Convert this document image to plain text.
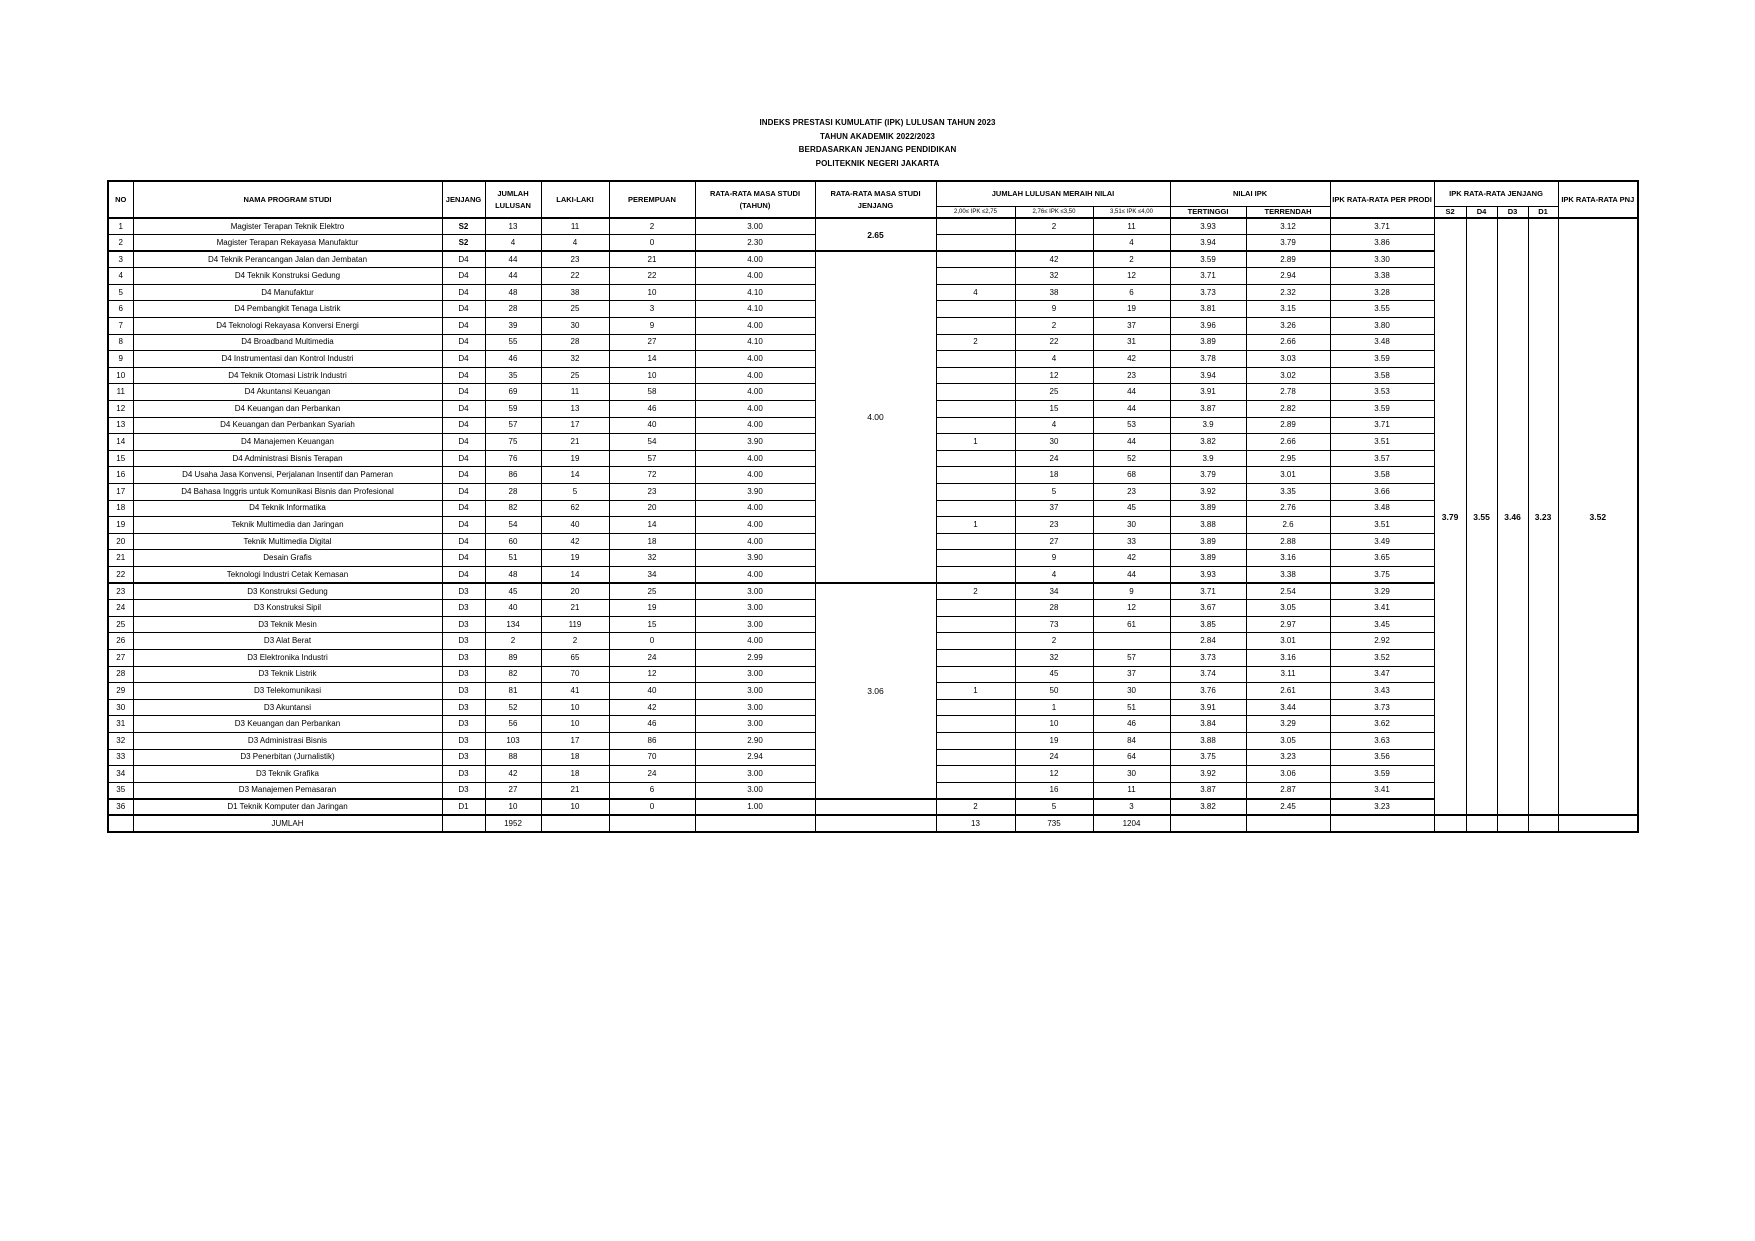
INDEKS PRESTASI KUMULATIF (IPK) LULUSAN TAHUN 2023
TAHUN AKADEMIK 2022/2023
BERDASARKAN JENJANG PENDIDIKAN
POLITEKNIK NEGERI JAKARTA
NO	NAMA PROGRAM STUDI	JENJANG	JUMLAH LULUSAN	LAKI-LAKI	PEREMPUAN	RATA-RATA MASA STUDI (TAHUN)	RATA-RATA MASA STUDI JENJANG	JUMLAH LULUSAN MERAIH NILAI			NILAI IPK		IPK RATA-RATA PER PRODI	IPK RATA-RATA JENJANG				IPK RATA-RATA PNJ
								2,00≤ IPK ≤2,75	2,76≤ IPK ≤3,50	3,51≤ IPK ≤4,00	TERTINGGI	TERRENDAH		S2	D4	D3	D1	
1	Magister Terapan Teknik Elektro	S2	13	11	2	3.00	2.65		2	11	3.93	3.12	3.71	3.79	3.55	3.46	3.23	3.52
2	Magister Terapan Rekayasa Manufaktur	S2	4	4	0	2.30				4	3.94	3.79	3.86					
3	D4 Teknik Perancangan Jalan dan Jembatan	D4	44	23	21	4.00	4.00		42	2	3.59	2.89	3.30					
4	D4 Teknik Konstruksi Gedung	D4	44	22	22	4.00			32	12	3.71	2.94	3.38					
5	D4 Manufaktur	D4	48	38	10	4.10		4	38	6	3.73	2.32	3.28					
6	D4 Pembangkit Tenaga Listrik	D4	28	25	3	4.10			9	19	3.81	3.15	3.55					
7	D4 Teknologi Rekayasa Konversi Energi	D4	39	30	9	4.00			2	37	3.96	3.26	3.80					
8	D4 Broadband Multimedia	D4	55	28	27	4.10		2	22	31	3.89	2.66	3.48					
9	D4 Instrumentasi dan Kontrol Industri	D4	46	32	14	4.00			4	42	3.78	3.03	3.59					
10	D4 Teknik Otomasi Listrik Industri	D4	35	25	10	4.00			12	23	3.94	3.02	3.58					
11	D4 Akuntansi Keuangan	D4	69	11	58	4.00			25	44	3.91	2.78	3.53					
12	D4 Keuangan dan Perbankan	D4	59	13	46	4.00			15	44	3.87	2.82	3.59					
13	D4 Keuangan dan Perbankan Syariah	D4	57	17	40	4.00			4	53	3.9	2.89	3.71					
14	D4 Manajemen Keuangan	D4	75	21	54	3.90		1	30	44	3.82	2.66	3.51					
15	D4 Administrasi Bisnis Terapan	D4	76	19	57	4.00			24	52	3.9	2.95	3.57					
16	D4 Usaha Jasa Konvensi, Perjalanan Insentif dan Pameran	D4	86	14	72	4.00			18	68	3.79	3.01	3.58					
17	D4 Bahasa Inggris untuk Komunikasi Bisnis dan Profesional	D4	28	5	23	3.90			5	23	3.92	3.35	3.66					
18	D4 Teknik Informatika	D4	82	62	20	4.00			37	45	3.89	2.76	3.48					
19	Teknik Multimedia dan Jaringan	D4	54	40	14	4.00		1	23	30	3.88	2.6	3.51					
20	Teknik Multimedia Digital	D4	60	42	18	4.00			27	33	3.89	2.88	3.49					
21	Desain Grafis	D4	51	19	32	3.90			9	42	3.89	3.16	3.65					
22	Teknologi Industri Cetak Kemasan	D4	48	14	34	4.00			4	44	3.93	3.38	3.75					
23	D3 Konstruksi Gedung	D3	45	20	25	3.00	3.06	2	34	9	3.71	2.54	3.29					
24	D3 Konstruksi Sipil	D3	40	21	19	3.00			28	12	3.67	3.05	3.41					
25	D3 Teknik Mesin	D3	134	119	15	3.00			73	61	3.85	2.97	3.45					
26	D3 Alat Berat	D3	2	2	0	4.00			2		2.84	3.01	2.92					
27	D3 Elektronika Industri	D3	89	65	24	2.99			32	57	3.73	3.16	3.52					
28	D3 Teknik Listrik	D3	82	70	12	3.00			45	37	3.74	3.11	3.47					
29	D3 Telekomunikasi	D3	81	41	40	3.00		1	50	30	3.76	2.61	3.43					
30	D3 Akuntansi	D3	52	10	42	3.00			1	51	3.91	3.44	3.73					
31	D3 Keuangan dan Perbankan	D3	56	10	46	3.00			10	46	3.84	3.29	3.62					
32	D3 Administrasi Bisnis	D3	103	17	86	2.90			19	84	3.88	3.05	3.63					
33	D3 Penerbitan (Jurnalistik)	D3	88	18	70	2.94			24	64	3.75	3.23	3.56					
34	D3 Teknik Grafika	D3	42	18	24	3.00			12	30	3.92	3.06	3.59					
35	D3 Manajemen Pemasaran	D3	27	21	6	3.00			16	11	3.87	2.87	3.41					
36	D1 Teknik Komputer dan Jaringan	D1	10	10	0	1.00		2	5	3	3.82	2.45	3.23					
	JUMLAH		1952					13	735	1204								
